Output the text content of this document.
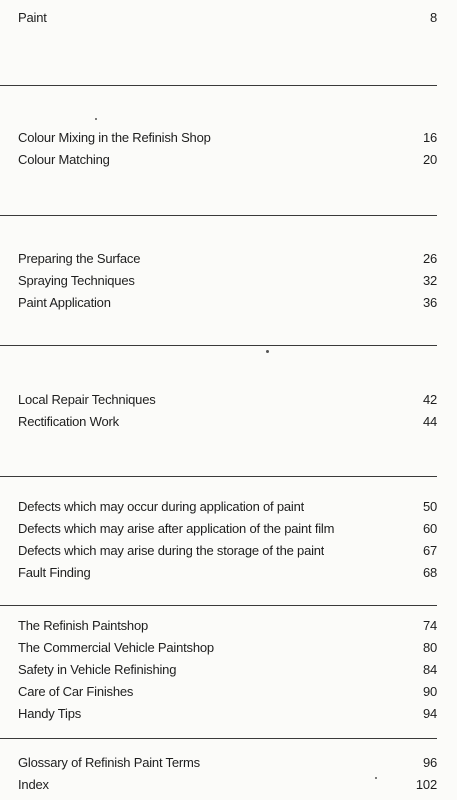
Paint	8
Colour Mixing in the Refinish Shop	16
Colour Matching	20
Preparing the Surface	26
Spraying Techniques	32
Paint Application	36
Local Repair Techniques	42
Rectification Work	44
Defects which may occur during application of paint	50
Defects which may arise after application of the paint film	60
Defects which may arise during the storage of the paint	67
Fault Finding	68
The Refinish Paintshop	74
The Commercial Vehicle Paintshop	80
Safety in Vehicle Refinishing	84
Care of Car Finishes	90
Handy Tips	94
Glossary of Refinish Paint Terms	96
Index	102
